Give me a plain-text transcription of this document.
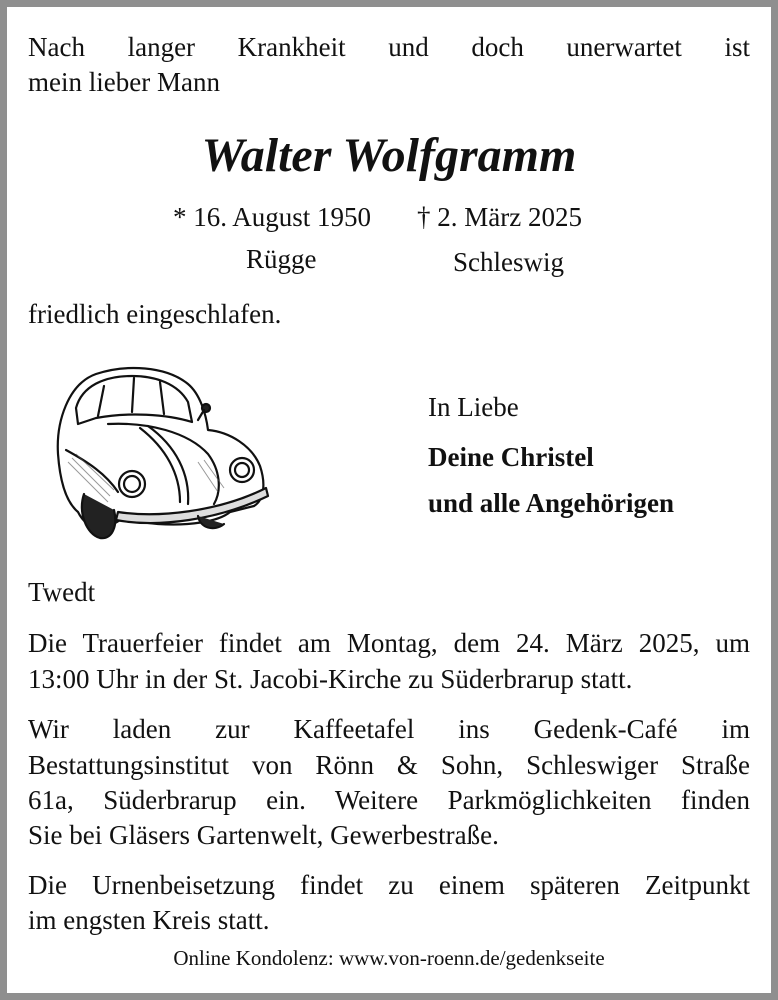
Nach langer Krankheit und doch unerwartet ist

mein lieber Mann

Walter Wolfgramm
* 16. August 1950 † 2. März 2025
Rügge	Schleswig

friedlich eingeschlafen.

In Liebe
Deine Christel
und alle Angehörigen

Twedt

Die Trauerfeier findet am Montag, dem 24. März 2025, um

13:00 Uhr in der St. Jacobi-Kirche zu Süderbrarup statt.

Wir laden zur Kaffeetafel ins Gedenk-Café im

Bestattungsinstitut von Rönn & Sohn, Schleswiger Straße

61a, Süderbrarup ein. Weitere Parkmöglichkeiten finden

Sie bei Gläsers Gartenwelt, Gewerbestraße.

Die Urnenbeisetzung findet zu einem späteren Zeitpunkt

im engsten Kreis statt.

Online Kondolenz: www.von-roenn.de/gedenkseite
